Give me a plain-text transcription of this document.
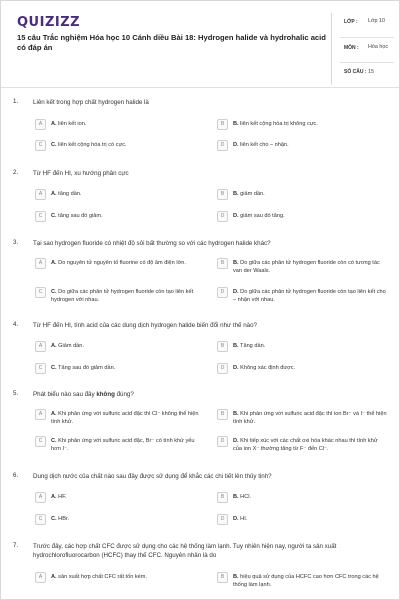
QUIZIZZ
15 câu Trắc nghiệm Hóa học 10 Cánh diều Bài 18: Hydrogen halide và hydrohalic acid có đáp án
LỚP : Lớp 10
MÔN : Hóa học
SỐ CÂU : 15
1. Liên kết trong hợp chất hydrogen halide là
A	A. liên kết ion.	B	B. liên kết cộng hóa trị không cực.
C	C. liên kết cộng hóa trị có cực.	D	D. liên kết cho – nhận.
2. Từ HF đến HI, xu hướng phân cực
A	A. tăng dần.	B	B. giảm dần.
C	C. tăng sau đó giảm.	D	D. giảm sau đó tăng.
3. Tại sao hydrogen fluoride có nhiệt độ sôi bất thường so với các hydrogen halide khác?
A	A. Do nguyên tử nguyên tố fluorine có độ âm điện lớn.	B	B. Do giữa các phân tử hydrogen fluoride còn có tương tác van der Waals.
C	C. Do giữa các phân tử hydrogen fluoride còn tạo liên kết hydrogen với nhau.
D	D. Do giữa các phân tử hydrogen fluoride còn tạo liên kết cho – nhận với nhau.
4. Từ HF đến HI, tính acid của các dung dịch hydrogen halide biến đổi như thế nào?
A	A. Giảm dần.	B	B. Tăng dần.
C	C. Tăng sau đó giảm dần.	D	D. Không xác định được.
5. Phát biểu nào sau đây không đúng?
A	A. Khi phản ứng với sulfuric acid đặc thì Cl⁻ không thể hiện tính khử.
B	B. Khi phản ứng với sulfuric acid đặc thì ion Br⁻ và I⁻ thể hiện tính khử.
C	C. Khi phản ứng với sulfuric acid đặc, Br⁻ có tính khử yếu hơn I⁻.
D	D. Khi tiếp xúc với các chất oxi hóa khác nhau thì tính khử của ion X⁻ thường tăng từ F⁻ đến Cl⁻.
6. Dung dịch nước của chất nào sau đây được sử dụng để khắc các chi tiết lên thủy tinh?
A	A. HF.	B	B. HCl.
C	C. HBr.	D	D. HI.
7. Trước đây, các hợp chất CFC được sử dụng cho các hệ thống làm lạnh. Tuy nhiên hiện nay, người ta sản xuất hydrochlorofluorocarbon (HCFC) thay thế CFC. Nguyên nhân là do
A	A. sản xuất hợp chất CFC rất tốn kém.	B	B. hiệu quả sử dụng của HCFC cao hơn CFC trong các hệ thống làm lạnh.
